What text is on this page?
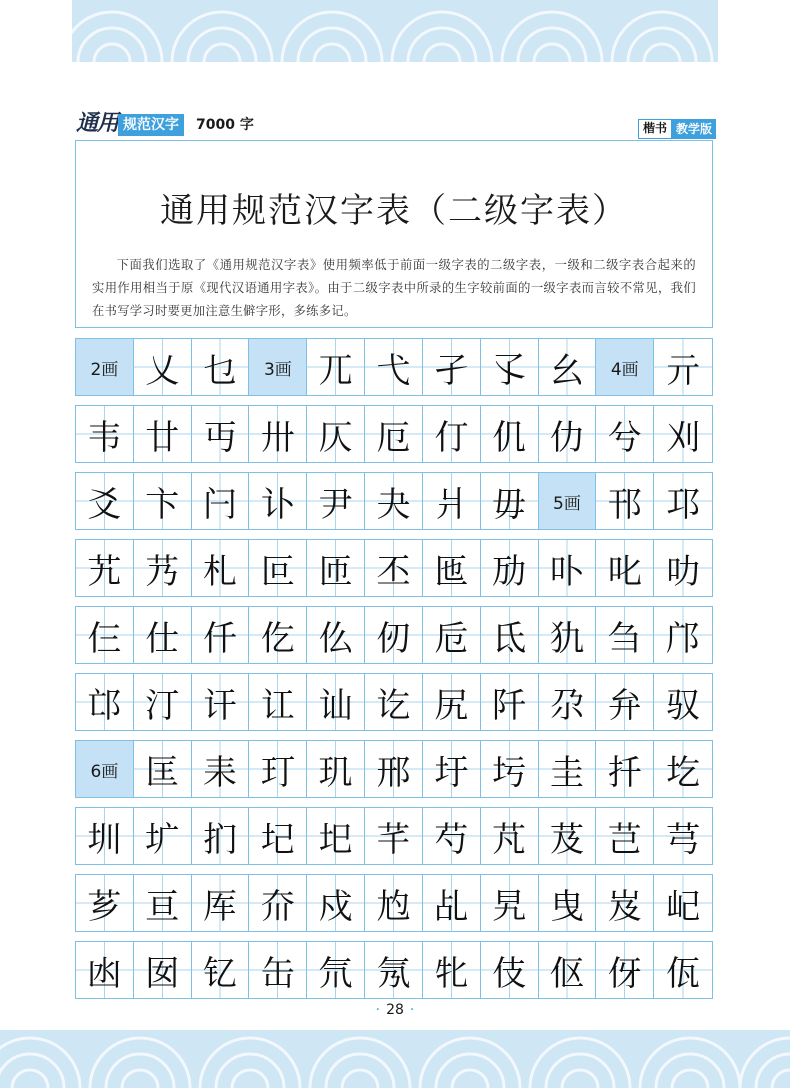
通用 规范汉字	7000 字	楷书 教学版
通用规范汉字表（二级字表）
下面我们选取了《通用规范汉字表》使用频率低于前面一级字表的二级字表，一级和二级字表合起来的实用作用相当于原《现代汉语通用字表》。由于二级字表中所录的生字较前面的一级字表而言较不常见，我们在书写学习时要更加注意生僻字形，多练多记。
2画 乂 乜	3画 兀 弋 孑 孓 幺	4画 亓
韦 廿 丏 卅 仄 厄 仃 仉 仂 兮 刈
爻 卞 闩 讣 尹 夬 爿 毋	5画 邗 邛
艽 艿 札 叵 匝 丕 匜 劢 卟 叱 叻
仨 仕 仟 仡 仫 仞 卮 氐 犰 刍 邝
邙 汀 讦 讧 讪 讫 尻 阡 尕 弁 驭
6画 匡 耒 玎 玑 邢 圩 圬 圭 扦 圪
圳 圹 扪 圮 圯 芊 芍 芃 芨 芑 芎
芗 亘 厍 夼 戍 尥 乩 旯 曳 岌 屺
凼 囡 钇 缶 氘 氖 牝 伎 伛 伢 佤
· 28 ·
